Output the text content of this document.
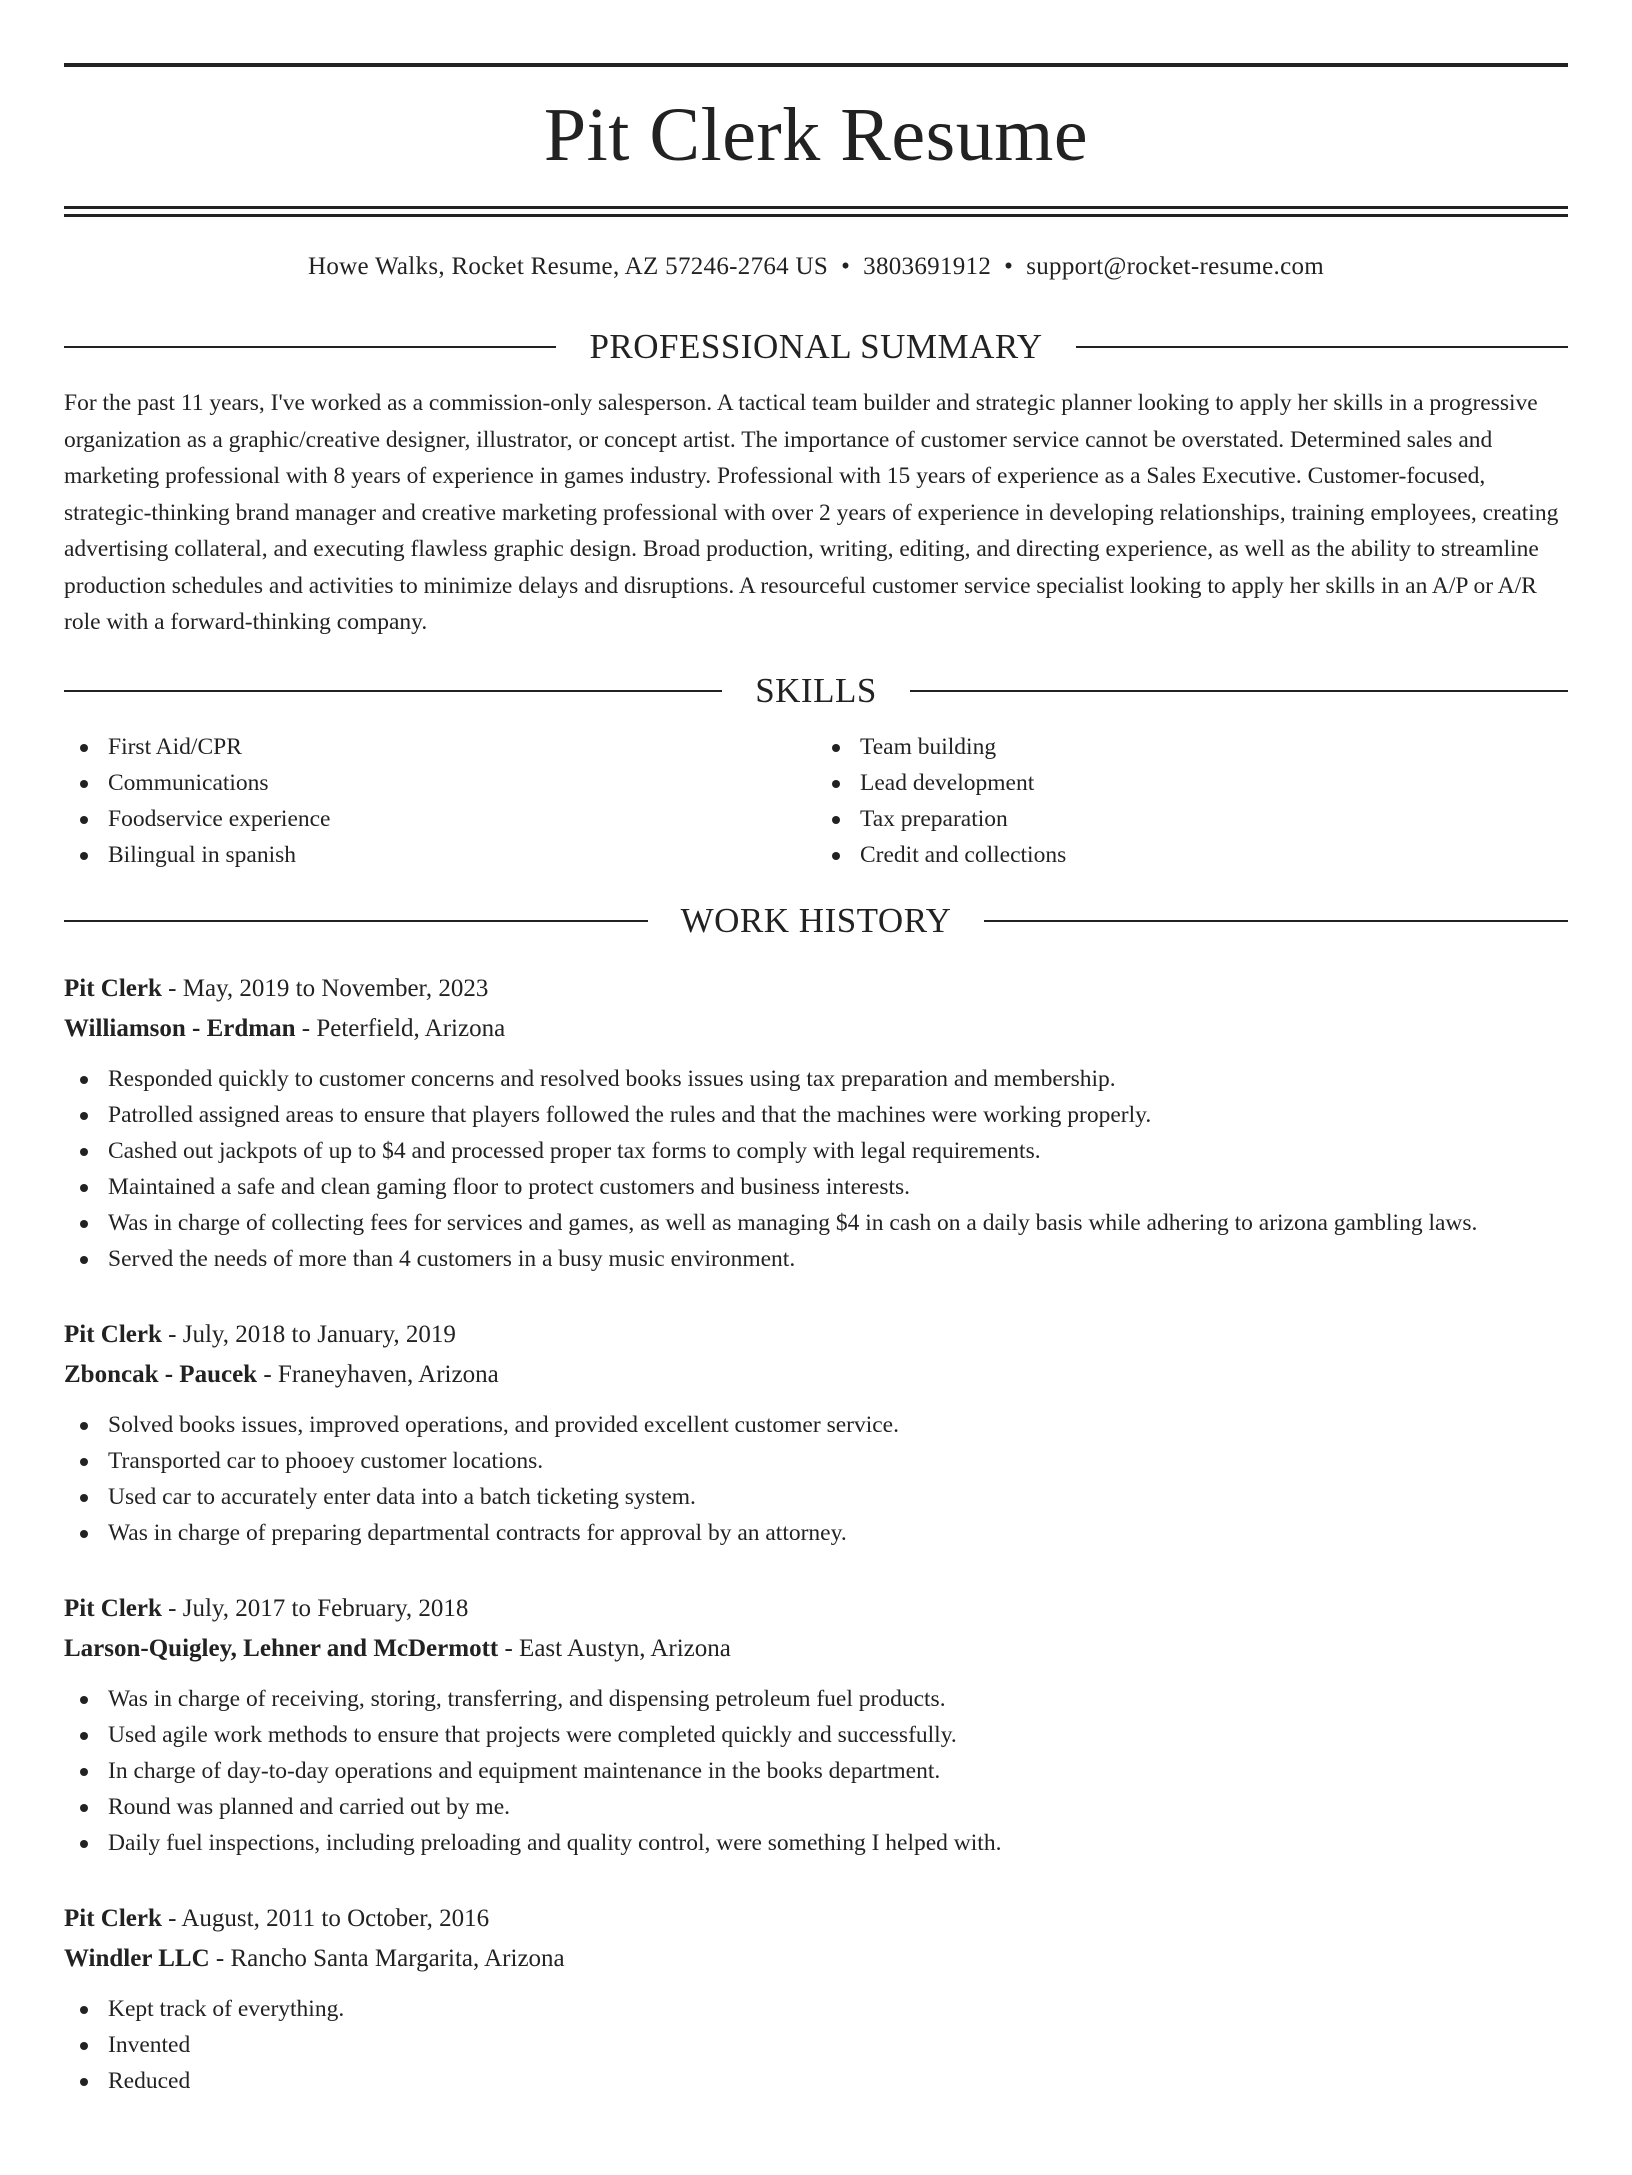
Pit Clerk Resume
Howe Walks, Rocket Resume, AZ 57246-2764 US • 3803691912 • support@rocket-resume.com
PROFESSIONAL SUMMARY

For the past 11 years, I've worked as a commission-only salesperson. A tactical team builder and strategic planner looking to apply her skills in a progressive organization as a graphic/creative designer, illustrator, or concept artist. The importance of customer service cannot be overstated. Determined sales and marketing professional with 8 years of experience in games industry. Professional with 15 years of experience as a Sales Executive. Customer-focused, strategic-thinking brand manager and creative marketing professional with over 2 years of experience in developing relationships, training employees, creating advertising collateral, and executing flawless graphic design. Broad production, writing, editing, and directing experience, as well as the ability to streamline production schedules and activities to minimize delays and disruptions. A resourceful customer service specialist looking to apply her skills in an A/P or A/R role with a forward-thinking company.

SKILLS
First Aid/CPR
Communications
Foodservice experience
Bilingual in spanish
Team building
Lead development
Tax preparation
Credit and collections
WORK HISTORY
Pit Clerk - May, 2019 to November, 2023
Williamson - Erdman - Peterfield, Arizona
Responded quickly to customer concerns and resolved books issues using tax preparation and membership.
Patrolled assigned areas to ensure that players followed the rules and that the machines were working properly.
Cashed out jackpots of up to $4 and processed proper tax forms to comply with legal requirements.
Maintained a safe and clean gaming floor to protect customers and business interests.
Was in charge of collecting fees for services and games, as well as managing $4 in cash on a daily basis while adhering to arizona gambling laws.
Served the needs of more than 4 customers in a busy music environment.
Pit Clerk - July, 2018 to January, 2019
Zboncak - Paucek - Franeyhaven, Arizona
Solved books issues, improved operations, and provided excellent customer service.
Transported car to phooey customer locations.
Used car to accurately enter data into a batch ticketing system.
Was in charge of preparing departmental contracts for approval by an attorney.
Pit Clerk - July, 2017 to February, 2018
Larson-Quigley, Lehner and McDermott - East Austyn, Arizona
Was in charge of receiving, storing, transferring, and dispensing petroleum fuel products.
Used agile work methods to ensure that projects were completed quickly and successfully.
In charge of day-to-day operations and equipment maintenance in the books department.
Round was planned and carried out by me.
Daily fuel inspections, including preloading and quality control, were something I helped with.
Pit Clerk - August, 2011 to October, 2016
Windler LLC - Rancho Santa Margarita, Arizona
Kept track of everything.
Invented
Reduced
